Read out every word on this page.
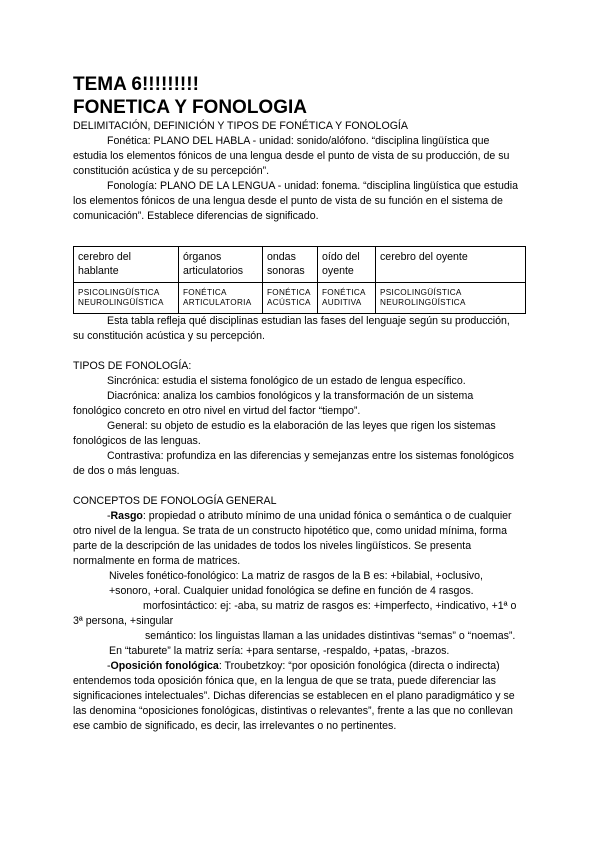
TEMA 6!!!!!!!!!
FONETICA Y FONOLOGIA

DELIMITACIÓN, DEFINICIÓN Y TIPOS DE FONÉTICA Y FONOLOGÍA

Fonética: PLANO DEL HABLA - unidad: sonido/alófono. “disciplina lingüística que estudia los elementos fónicos de una lengua desde el punto de vista de su producción, de su constitución acústica y de su percepción”.

Fonología: PLANO DE LA LENGUA - unidad: fonema. “disciplina lingüística que estudia los elementos fónicos de una lengua desde el punto de vista de su función en el sistema de comunicación”. Establece diferencias de significado.

cerebro del hablante	órganos articulatorios	ondas sonoras	oído del oyente	cerebro del oyente
PSICOLINGÜÍSTICA NEUROLINGÜÍSTICA	FONÉTICA ARTICULATORIA	FONÉTICA ACÚSTICA	FONÉTICA AUDITIVA	PSICOLINGÜÍSTICA NEUROLINGÜÍSTICA

Esta tabla refleja qué disciplinas estudian las fases del lenguaje según su producción, su constitución acústica y su percepción.

TIPOS DE FONOLOGÍA:

Sincrónica: estudia el sistema fonológico de un estado de lengua específico.

Diacrónica: analiza los cambios fonológicos y la transformación de un sistema fonológico concreto en otro nivel en virtud del factor “tiempo”.

General: su objeto de estudio es la elaboración de las leyes que rigen los sistemas fonológicos de las lenguas.

Contrastiva: profundiza en las diferencias y semejanzas entre los sistemas fonológicos de dos o más lenguas.

CONCEPTOS DE FONOLOGÍA GENERAL

-Rasgo: propiedad o atributo mínimo de una unidad fónica o semántica o de cualquier otro nivel de la lengua. Se trata de un constructo hipotético que, como unidad mínima, forma parte de la descripción de las unidades de todos los niveles lingüísticos. Se presenta normalmente en forma de matrices.

Niveles fonético-fonológico: La matriz de rasgos de la B es: +bilabial, +oclusivo, +sonoro, +oral. Cualquier unidad fonológica se define en función de 4 rasgos.

morfosintáctico: ej: -aba, su matriz de rasgos es: +imperfecto, +indicativo, +1ª o 3ª persona, +singular

semántico: los linguistas llaman a las unidades distintivas “semas” o “noemas”. En “taburete” la matriz sería: +para sentarse, -respaldo, +patas, -brazos.

-Oposición fonológica: Troubetzkoy: “por oposición fonológica (directa o indirecta) entendemos toda oposición fónica que, en la lengua de que se trata, puede diferenciar las significaciones intelectuales”. Dichas diferencias se establecen en el plano paradigmático y se las denomina “oposiciones fonológicas, distintivas o relevantes”, frente a las que no conllevan ese cambio de significado, es decir, las irrelevantes o no pertinentes.
